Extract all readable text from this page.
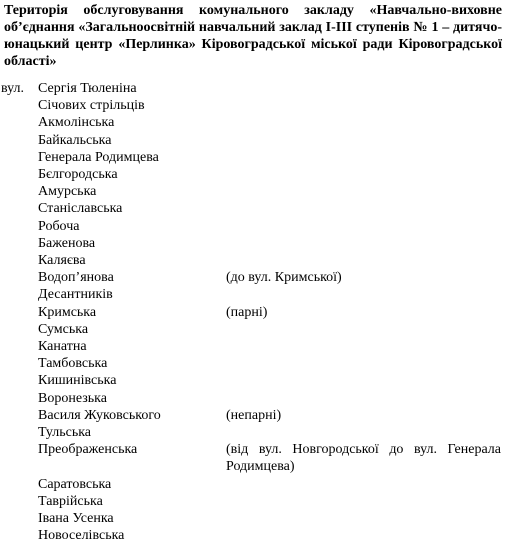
Територія обслуговування комунального закладу «Навчально-виховне об’єднання «Загальноосвітній навчальний заклад І-ІІІ ступенів № 1 – дитячо-юнацький центр «Перлинка» Кіровоградської міської ради Кіровоградської області»
вул. Сергія Тюленіна
Січових стрільців
Акмолінська
Байкальська
Генерала Родимцева
Бєлгородська
Амурська
Станіславська
Робоча
Баженова
Каляєва
Водоп’янова	(до вул. Кримської)
Десантників
Кримська	(парні)
Сумська
Канатна
Тамбовська
Кишинівська
Воронезька
Василя Жуковського	(непарні)
Тульська
Преображенська	(від вул. Новгородської до вул. Генерала Родимцева)
Саратовська
Таврійська
Івана Усенка
Новоселівська
